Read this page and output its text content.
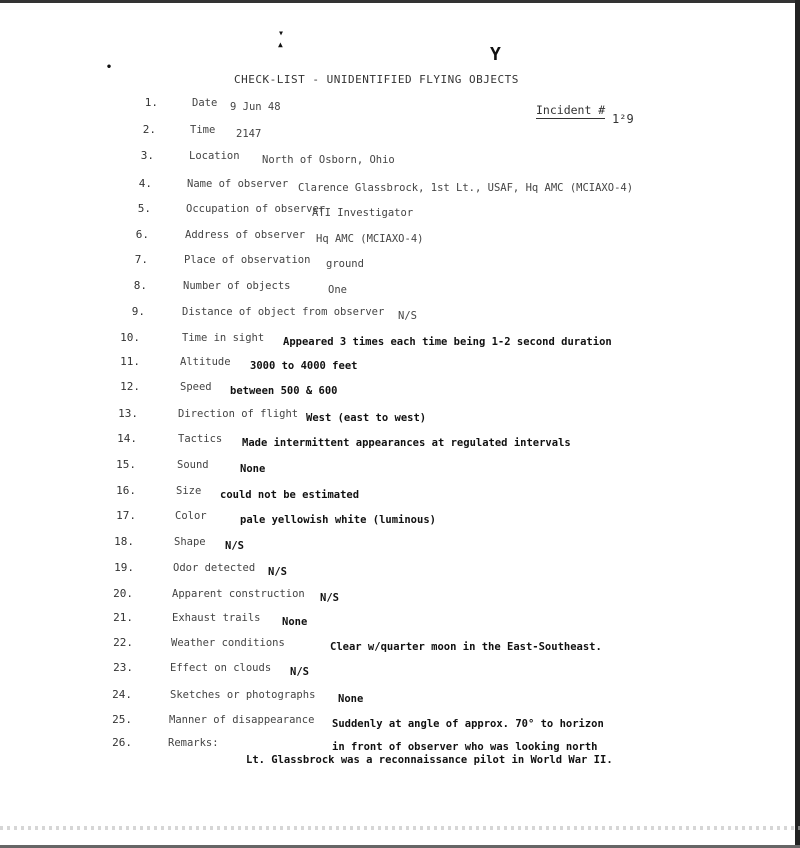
▾
▲	Y
•
CHECK-LIST - UNIDENTIFIED FLYING OBJECTS
Incident #
1²9
1.	Date 9 Jun 48
2.	Time 2147
3.	Location North of Osborn, Ohio
4.	Name of observer Clarence Glassbrock, 1st Lt., USAF, Hq AMC (MCIAXO-4)
5.	Occupation of observer
ATI Investigator
6.	Address of observer Hq AMC (MCIAXO-4)
7.	Place of observation ground
8.	Number of objects	One
9.	Distance of object from observer N/S
10.	Time in sight Appeared 3 times each time being 1-2 second duration
11.	Altitude 3000 to 4000 feet
12.	Speed between 500 & 600
13.	Direction of flight West (east to west)
14.	Tactics Made intermittent appearances at regulated intervals
15.	Sound	None
16.	Size could not be estimated
17.	Color	pale yellowish white (luminous)
18.	Shape N/S
19.	Odor detected N/S
20.	Apparent construction N/S
21.	Exhaust trails None
22.	Weather conditions	Clear w/quarter moon in the East-Southeast.
23.	Effect on clouds N/S
24.	Sketches or photographs None
25.	Manner of disappearance Suddenly at angle of approx. 70° to horizon
26.	Remarks:	in front of observer who was looking north
Lt. Glassbrock was a reconnaissance pilot in World War II.
